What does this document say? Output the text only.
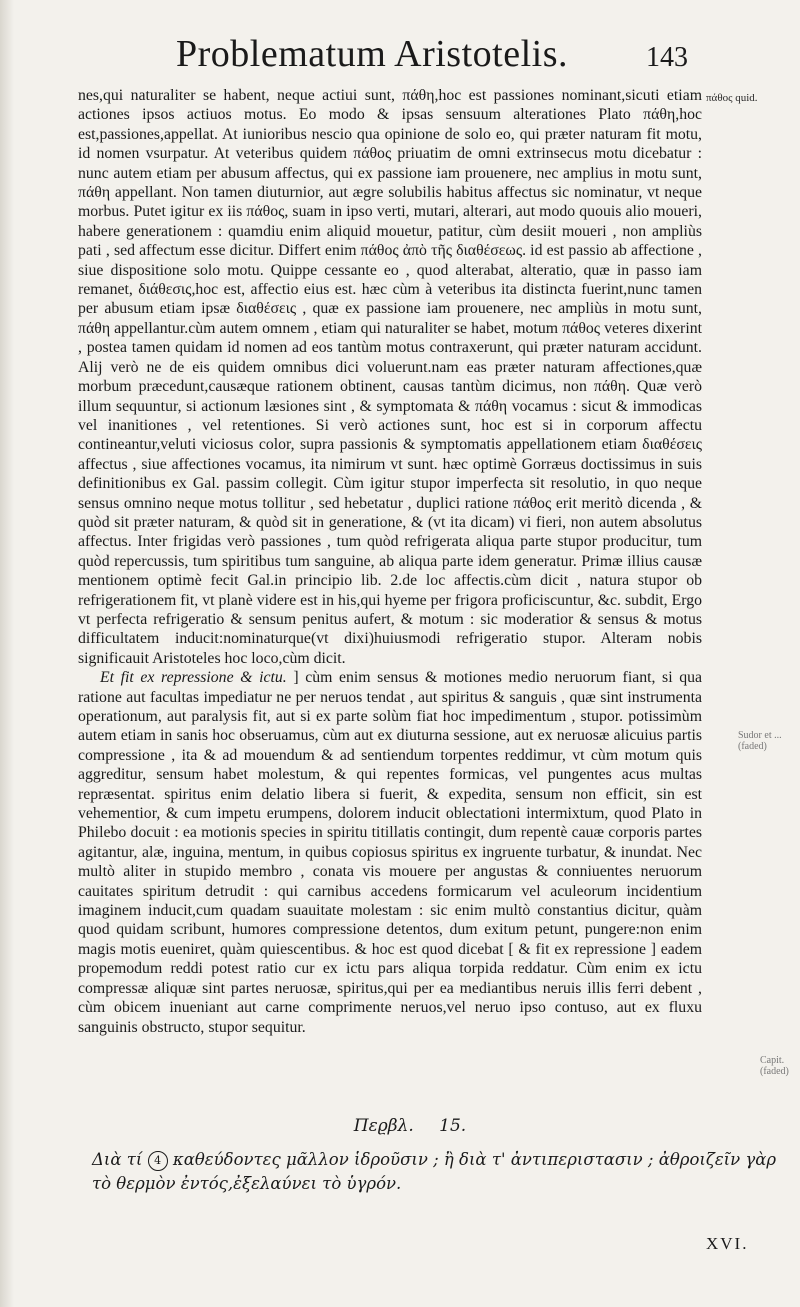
Problematum Aristotelis.	143
πάθος quid.
Sudor et ... (faded)
Capit. (faded)

nes,qui naturaliter se habent, neque actiui sunt, πάθη,hoc est passiones nominant,sicuti etiam actiones ipsos actiuos motus. Eo modo & ipsas sensuum alterationes Plato πάθη,hoc est,passiones,appellat. At iunioribus nescio qua opinione de solo eo, qui præter naturam fit motu, id nomen vsurpatur. At veteribus quidem πάθος priuatim de omni extrinsecus motu dicebatur : nunc autem etiam per abusum affectus, qui ex passione iam prouenere, nec amplius in motu sunt, πάθη appellant. Non tamen diuturnior, aut ægre solubilis habitus affectus sic nominatur, vt neque morbus. Putet igitur ex iis πάθος, suam in ipso verti, mutari, alterari, aut modo quouis alio moueri, habere generationem : quamdiu enim aliquid mouetur, patitur, cùm desiit moueri , non ampliùs pati , sed affectum esse dicitur. Differt enim πάθος ἀπὸ τῆς διαθέσεως. id est passio ab affectione , siue dispositione solo motu. Quippe cessante eo , quod alterabat, alteratio, quæ in passo iam remanet, διάθεσις,hoc est, affectio eius est. hæc cùm à veteribus ita distincta fuerint,nunc tamen per abusum etiam ipsæ διαθέσεις , quæ ex passione iam prouenere, nec ampliùs in motu sunt, πάθη appellantur.cùm autem omnem , etiam qui naturaliter se habet, motum πάθος veteres dixerint , postea tamen quidam id nomen ad eos tantùm motus contraxerunt, qui præter naturam accidunt. Alij verò ne de eis quidem omnibus dici voluerunt.nam eas præter naturam affectiones,quæ morbum præcedunt,causæque rationem obtinent, causas tantùm dicimus, non πάθη. Quæ verò illum sequuntur, si actionum læsiones sint , & symptomata & πάθη vocamus : sicut & immodicas vel inanitiones , vel retentiones. Si verò actiones sunt, hoc est si in corporum affectu contineantur,veluti viciosus color, supra passionis & symptomatis appellationem etiam διαθέσεις affectus , siue affectiones vocamus, ita nimirum vt sunt. hæc optimè Gorræus doctissimus in suis definitionibus ex Gal. passim collegit. Cùm igitur stupor imperfecta sit resolutio, in quo neque sensus omnino neque motus tollitur , sed hebetatur , duplici ratione πάθος erit meritò dicenda , & quòd sit præter naturam, & quòd sit in generatione, & (vt ita dicam) vi fieri, non autem absolutus affectus. Inter frigidas verò passiones , tum quòd refrigerata aliqua parte stupor producitur, tum quòd repercussis, tum spiritibus tum sanguine, ab aliqua parte idem generatur. Primæ illius causæ mentionem optimè fecit Gal.in principio lib. 2.de loc affectis.cùm dicit , natura stupor ob refrigerationem fit, vt planè videre est in his,qui hyeme per frigora proficiscuntur, &c. subdit, Ergo vt perfecta refrigeratio & sensum penitus aufert, & motum : sic moderatior & sensus & motus difficultatem inducit:nominaturque(vt dixi)huiusmodi refrigeratio stupor. Alteram nobis significauit Aristoteles hoc loco,cùm dicit.

Et fit ex repressione & ictu. ] cùm enim sensus & motiones medio neruorum fiant, si qua ratione aut facultas impediatur ne per neruos tendat , aut spiritus & sanguis , quæ sint instrumenta operationum, aut paralysis fit, aut si ex parte solùm fiat hoc impedimentum , stupor. potissimùm autem etiam in sanis hoc obseruamus, cùm aut ex diuturna sessione, aut ex neruosæ alicuius partis compressione , ita & ad mouendum & ad sentiendum torpentes reddimur, vt cùm motum quis aggreditur, sensum habet molestum, & qui repentes formicas, vel pungentes acus multas repræsentat. spiritus enim delatio libera si fuerit, & expedita, sensum non efficit, sin est vehementior, & cum impetu erumpens, dolorem inducit oblectationi intermixtum, quod Plato in Philebo docuit : ea motionis species in spiritu titillatis contingit, dum repentè cauæ corporis partes agitantur, alæ, inguina, mentum, in quibus copiosus spiritus ex ingruente turbatur, & inundat. Nec multò aliter in stupido membro , conata vis mouere per angustas & conniuentes neruorum cauitates spiritum detrudit : qui carnibus accedens formicarum vel aculeorum incidentium imaginem inducit,cum quadam suauitate molestam : sic enim multò constantius dicitur, quàm quod quidam scribunt, humores compressione detentos, dum exitum petunt, pungere:non enim magis motis eueniret, quàm quiescentibus. & hoc est quod dicebat [ & fit ex repressione ] eadem propemodum reddi potest ratio cur ex ictu pars aliqua torpida reddatur. Cùm enim ex ictu compressæ aliquæ sint partes neruosæ, spiritus,qui per ea mediantibus neruis illis ferri debent , cùm obicem inueniant aut carne comprimente neruos,vel neruo ipso contuso, aut ex fluxu sanguinis obstructo, stupor sequitur.

Πεϱβλ. 15.
Διὰ τί 4 καθεύδοντες μᾶλλον ἱδροῦσιν ; ἢ διὰ τ' ἀντιπεριστασιν ; ἀθροιζεῖν γὰρ
τὸ θερμὸν ἐντός,ἐξελαύνει τὸ ὑγρόν.
XVI.
